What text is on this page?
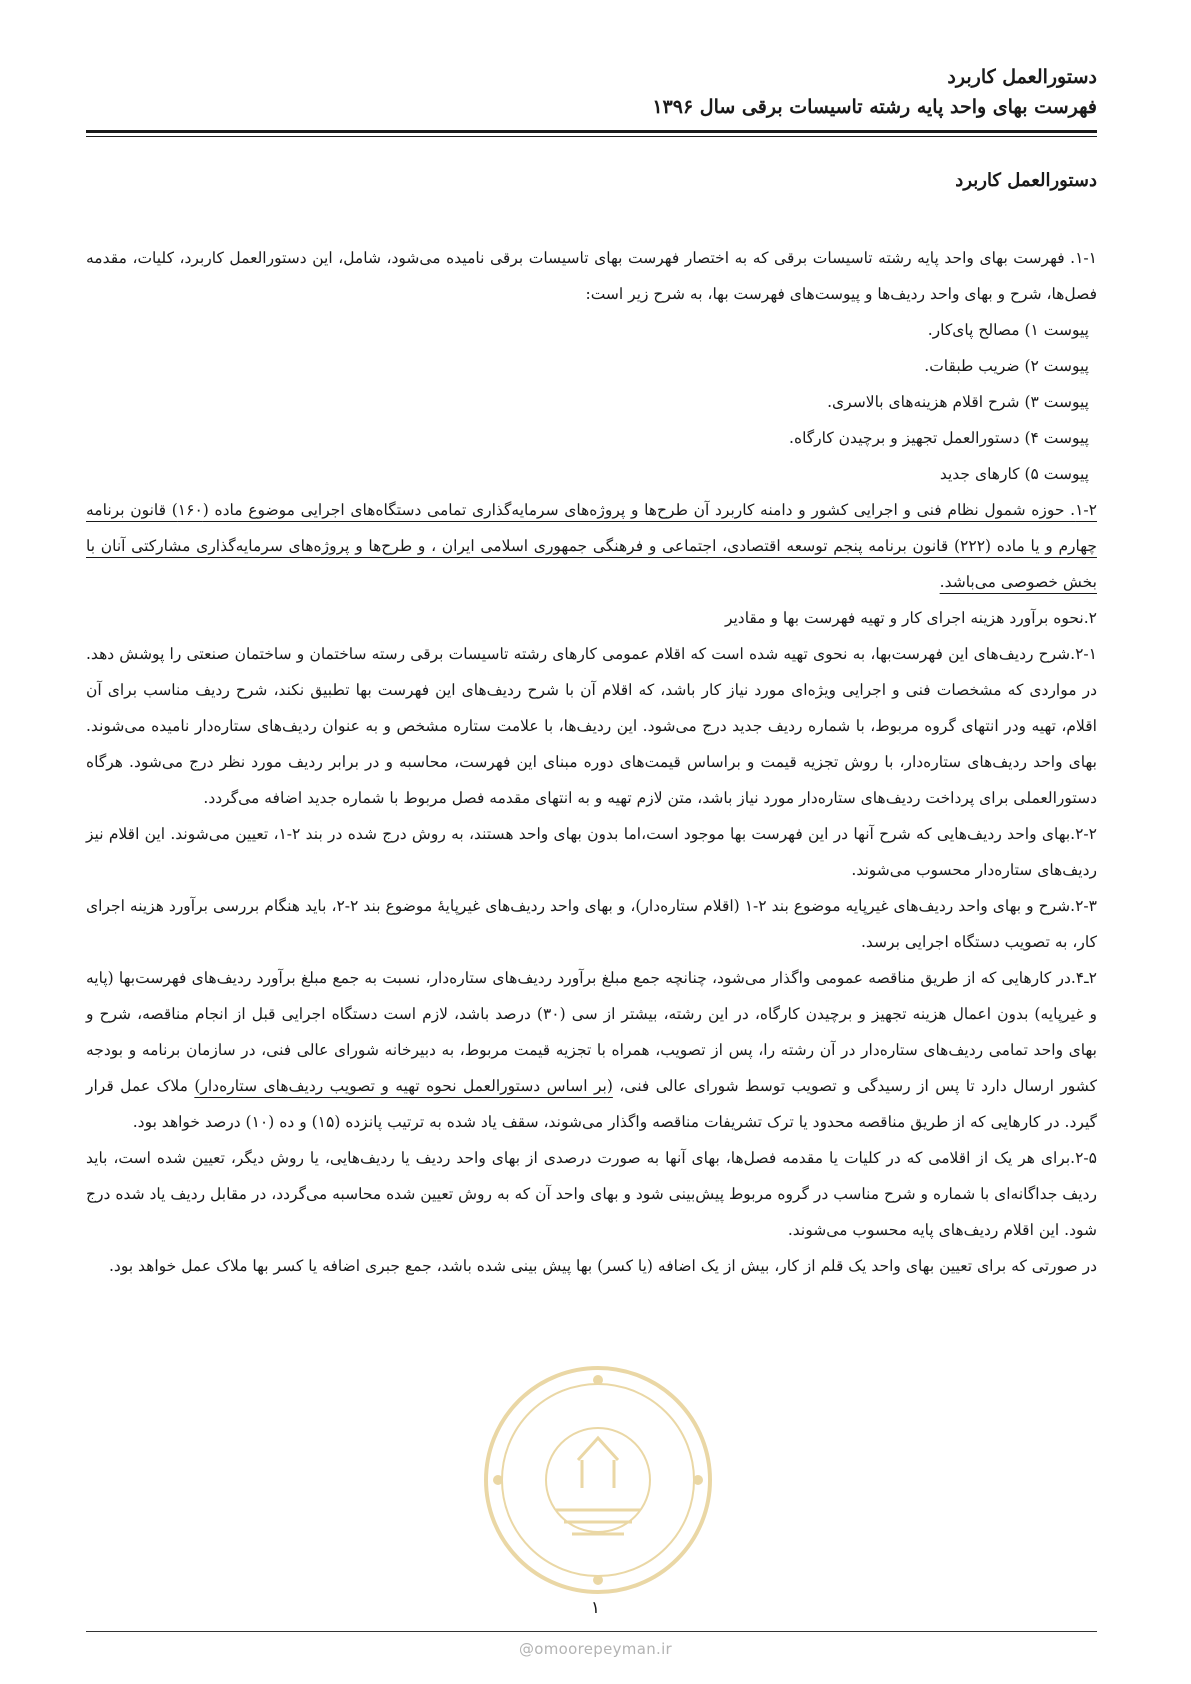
دستورالعمل کاربرد
فهرست بهای واحد پایه رشته تاسیسات برقی سال ۱۳۹۶
دستورالعمل کاربرد

۱-۱. فهرست بهای واحد پایه رشته تاسیسات برقی که به اختصار فهرست بهای تاسیسات برقی نامیده می‌شود، شامل، این دستورالعمل کاربرد، کلیات، مقدمه فصل‌ها، شرح و بهای واحد ردیف‌ها و پیوست‌های فهرست بها، به شرح زیر است:

پیوست ۱) مصالح پای‌کار.

پیوست ۲) ضریب طبقات.

پیوست ۳) شرح اقلام هزینه‌های بالاسری.

پیوست ۴) دستورالعمل تجهیز و برچیدن کارگاه.

پیوست ۵) کارهای جدید

۱-۲. حوزه شمول نظام فنی و اجرایی کشور و دامنه کاربرد آن طرح‌ها و پروژه‌های سرمایه‌گذاری تمامی دستگاه‌های اجرایی موضوع ماده (۱۶۰) قانون برنامه چهارم و یا ماده (۲۲۲) قانون برنامه پنجم توسعه اقتصادی، اجتماعی و فرهنگی جمهوری اسلامی ایران ، و طرح‌ها و پروژه‌های سرمایه‌گذاری مشارکتی آنان با بخش خصوصی می‌باشد.

۲.نحوه برآورد هزینه اجرای کار و تهیه فهرست بها و مقادیر

۲-۱.شرح ردیف‌های این فهرست‌بها، به نحوی تهیه شده است که اقلام عمومی کارهای رشته تاسیسات برقی رسته ساختمان و ساختمان صنعتی را پوشش دهد. در مواردی که مشخصات فنی و اجرایی ویژه‌ای مورد نیاز کار باشد، که اقلام آن با شرح ردیف‌های این فهرست بها تطبیق نکند، شرح ردیف مناسب برای آن اقلام، تهیه ودر انتهای گروه مربوط، با شماره ردیف جدید درج می‌شود. این ردیف‌ها، با علامت ستاره مشخص و به عنوان ردیف‌های ستاره‌دار نامیده می‌شوند. بهای واحد ردیف‌های ستاره‌دار، با روش تجزیه قیمت و براساس قیمت‌های دوره مبنای این فهرست، محاسبه و در برابر ردیف مورد نظر درج می‌شود. هرگاه دستورالعملی برای پرداخت ردیف‌های ستاره‌دار مورد نیاز باشد، متن لازم تهیه و به انتهای مقدمه فصل مربوط با شماره جدید اضافه می‌گردد.

۲-۲.بهای واحد ردیف‌هایی که شرح آنها در این فهرست بها موجود است،اما بدون بهای واحد هستند، به روش درج شده در بند ۲-۱، تعیین می‌شوند. این اقلام نیز ردیف‌های ستاره‌دار محسوب می‌شوند.

۲-۳.شرح و بهای واحد ردیف‌های غیرپایه موضوع بند ۲-۱ (اقلام ستاره‌دار)، و بهای واحد ردیف‌های غیرپایهٔ موضوع بند ۲-۲، باید هنگام بررسی برآورد هزینه اجرای کار، به تصویب دستگاه اجرایی برسد.

۲ـ۴.در کارهایی که از طریق مناقصه عمومی واگذار می‌شود، چنانچه جمع مبلغ برآورد ردیف‌های ستاره‌دار، نسبت به جمع مبلغ برآورد ردیف‌های فهرست‌بها (پایه و غیرپایه) بدون اعمال هزینه تجهیز و برچیدن کارگاه، در این رشته، بیشتر از سی (۳۰) درصد باشد، لازم است دستگاه اجرایی قبل از انجام مناقصه، شرح و بهای واحد تمامی ردیف‌های ستاره‌دار در آن رشته را، پس از تصویب، همراه با تجزیه قیمت مربوط، به دبیرخانه شورای عالی فنی، در سازمان برنامه و بودجه کشور ارسال دارد تا پس از رسیدگی و تصویب توسط شورای عالی فنی، (بر اساس دستورالعمل نحوه تهیه و تصویب ردیف‌های ستاره‌دار) ملاک عمل قرار گیرد. در کارهایی که از طریق مناقصه محدود یا ترک تشریفات مناقصه واگذار می‌شوند، سقف یاد شده به ترتیب پانزده (۱۵) و ده (۱۰) درصد خواهد بود.

۲-۵.برای هر یک از اقلامی که در کلیات یا مقدمه فصل‌ها، بهای آنها به صورت درصدی از بهای واحد ردیف یا ردیف‌هایی، یا روش دیگر، تعیین شده است، باید ردیف جداگانه‌ای با شماره و شرح مناسب در گروه مربوط پیش‌بینی شود و بهای واحد آن که به روش تعیین شده محاسبه می‌گردد، در مقابل ردیف یاد شده درج شود. این اقلام ردیف‌های پایه محسوب می‌شوند.

در صورتی که برای تعیین بهای واحد یک قلم از کار، بیش از یک اضافه (یا کسر) بها پیش بینی شده باشد، جمع جبری اضافه یا کسر بها ملاک عمل خواهد بود.

۱
@omoorepeyman.ir
